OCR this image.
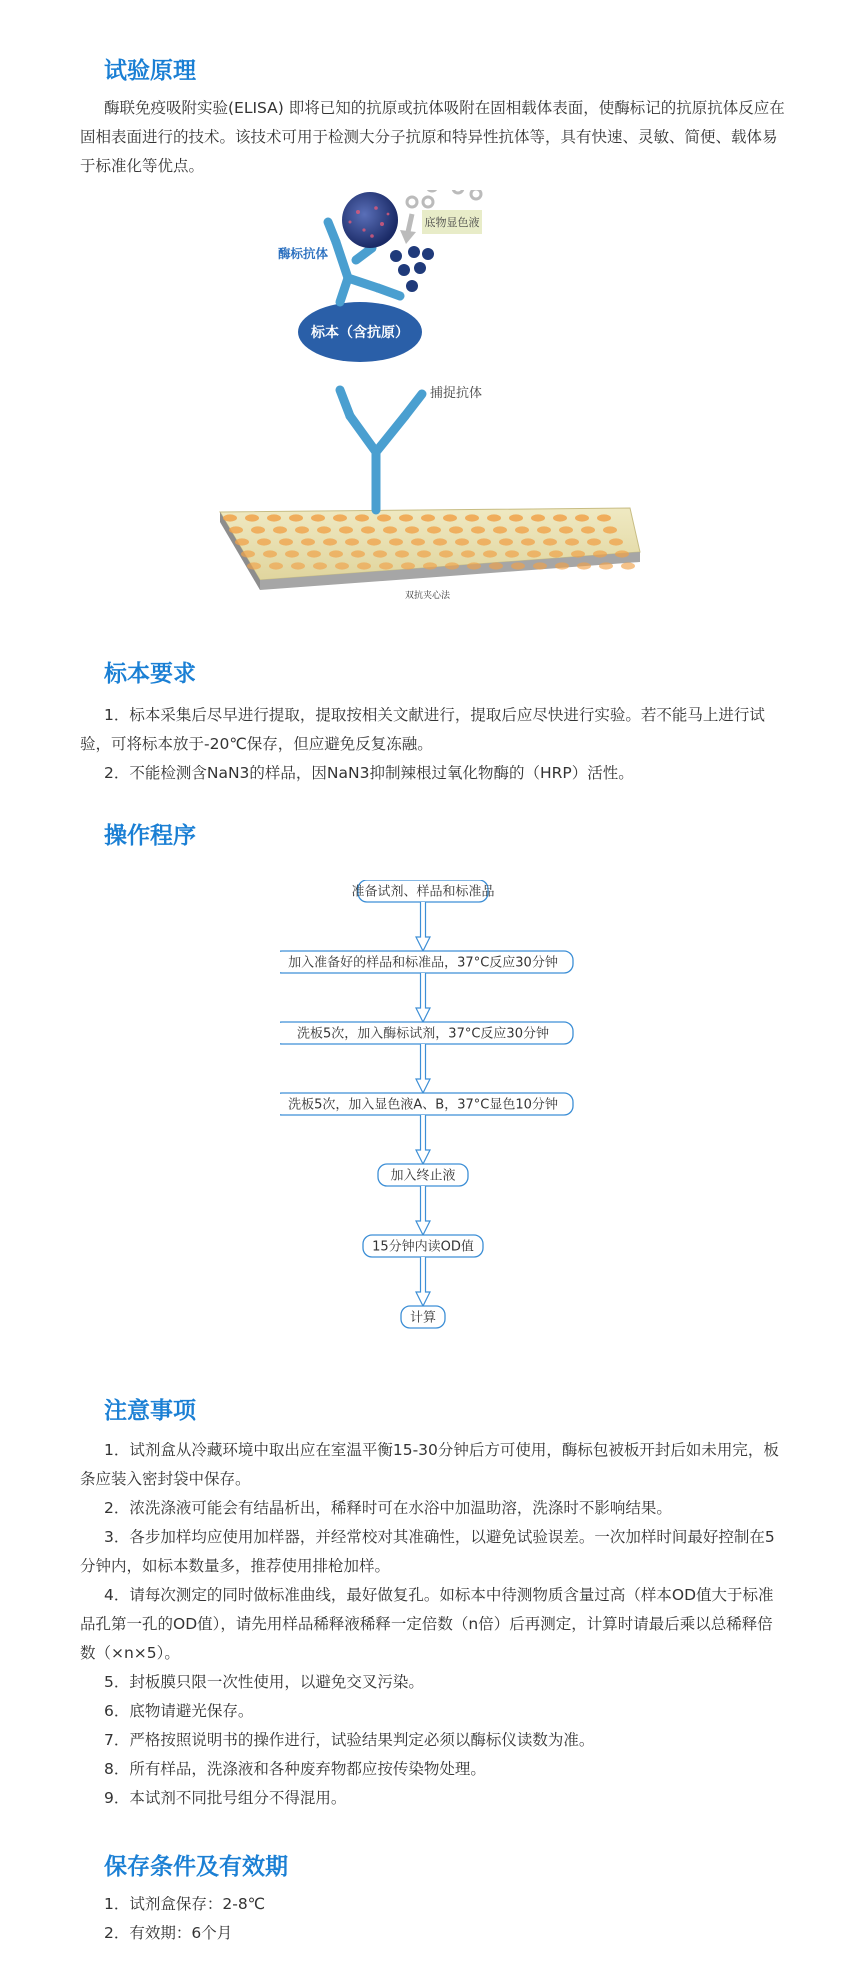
试验原理

酶联免疫吸附实验(ELISA) 即将已知的抗原或抗体吸附在固相载体表面，使酶标记的抗原抗体反应在固相表面进行的技术。该技术可用于检测大分子抗原和特异性抗体等，具有快速、灵敏、简便、载体易于标准化等优点。

双抗夹心法
捕捉抗体
标本（含抗原）
酶标抗体
底物显色液
标本要求

1．标本采集后尽早进行提取，提取按相关文献进行，提取后应尽快进行实验。若不能马上进行试验，可将标本放于-20℃保存，但应避免反复冻融。

2．不能检测含NaN3的样品，因NaN3抑制辣根过氧化物酶的（HRP）活性。

操作程序
准备试剂、样品和标准品
加入准备好的样品和标准品，37°C反应30分钟
洗板5次，加入酶标试剂，37°C反应30分钟
洗板5次，加入显色液A、B，37°C显色10分钟
加入终止液
15分钟内读OD值
计算
注意事项

1．试剂盒从冷藏环境中取出应在室温平衡15-30分钟后方可使用，酶标包被板开封后如未用完，板条应装入密封袋中保存。

2．浓洗涤液可能会有结晶析出，稀释时可在水浴中加温助溶，洗涤时不影响结果。

3．各步加样均应使用加样器，并经常校对其准确性，以避免试验误差。一次加样时间最好控制在5分钟内，如标本数量多，推荐使用排枪加样。

4．请每次测定的同时做标准曲线，最好做复孔。如标本中待测物质含量过高（样本OD值大于标准品孔第一孔的OD值），请先用样品稀释液稀释一定倍数（n倍）后再测定，计算时请最后乘以总稀释倍数（×n×5）。

5．封板膜只限一次性使用，以避免交叉污染。

6．底物请避光保存。

7．严格按照说明书的操作进行，试验结果判定必须以酶标仪读数为准。

8．所有样品，洗涤液和各种废弃物都应按传染物处理。

9．本试剂不同批号组分不得混用。

保存条件及有效期

1．试剂盒保存：2-8℃

2．有效期：6个月
